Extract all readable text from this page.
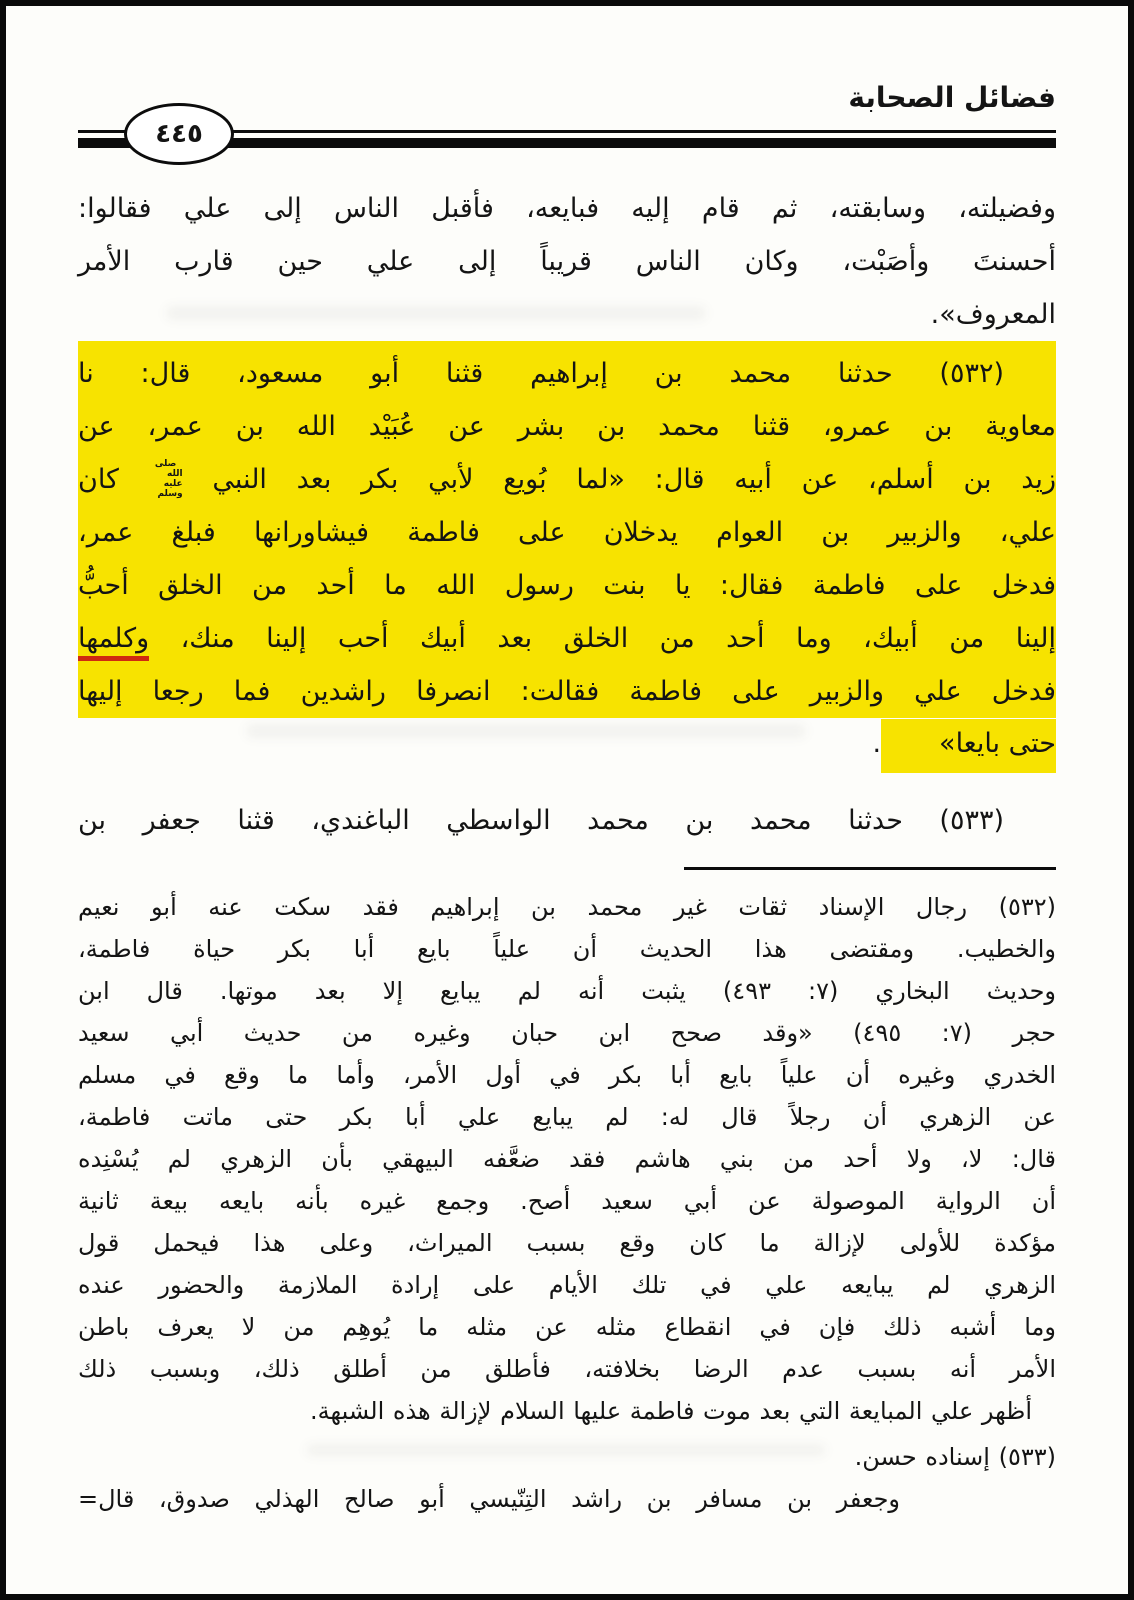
فضائل الصحابة
٤٤٥
وفضيلته، وسابقته، ثم قام إليه فبايعه، فأقبل الناس إلى علي فقالوا:
أحسنتَ وأصَبْت، وكان الناس قريباً إلى علي حين قارب الأمر
المعروف».
(٥٣٢) حدثنا محمد بن إبراهيم قثنا أبو مسعود، قال: نا
معاوية بن عمرو، قثنا محمد بن بشر عن عُبَيْد الله بن عمر، عن
زيد بن أسلم، عن أبيه قال: «لما بُويع لأبي بكر بعد النبي
صلى الله
عليه
وسلم
كان
علي، والزبير بن العوام يدخلان على فاطمة فيشاورانها فبلغ عمر،
فدخل على فاطمة فقال: يا بنت رسول الله ما أحد من الخلق أحبُّ
إلينا من أبيك، وما أحد من الخلق بعد أبيك أحب إلينا منك، وكلمها
فدخل علي والزبير على فاطمة فقالت: انصرفا راشدين فما رجعا إليها
حتى بايعا».
(٥٣٣) حدثنا محمد بن محمد الواسطي الباغندي، قثنا جعفر بن
(٥٣٢) رجال الإسناد ثقات غير محمد بن إبراهيم فقد سكت عنه أبو نعيم
والخطيب. ومقتضى هذا الحديث أن علياً بايع أبا بكر حياة فاطمة،
وحديث البخاري (٧: ٤٩٣) يثبت أنه لم يبايع إلا بعد موتها. قال ابن
حجر (٧: ٤٩٥) «وقد صحح ابن حبان وغيره من حديث أبي سعيد
الخدري وغيره أن علياً بايع أبا بكر في أول الأمر، وأما ما وقع في مسلم
عن الزهري أن رجلاً قال له: لم يبايع علي أبا بكر حتى ماتت فاطمة،
قال: لا، ولا أحد من بني هاشم فقد ضعَّفه البيهقي بأن الزهري لم يُسْنِده
أن الرواية الموصولة عن أبي سعيد أصح. وجمع غيره بأنه بايعه بيعة ثانية
مؤكدة للأولى لإزالة ما كان وقع بسبب الميراث، وعلى هذا فيحمل قول
الزهري لم يبايعه علي في تلك الأيام على إرادة الملازمة والحضور عنده
وما أشبه ذلك فإن في انقطاع مثله عن مثله ما يُوهِم من لا يعرف باطن
الأمر أنه بسبب عدم الرضا بخلافته، فأطلق من أطلق ذلك، وبسبب ذلك
أظهر علي المبايعة التي بعد موت فاطمة عليها السلام لإزالة هذه الشبهة.
(٥٣٣) إسناده حسن.
وجعفر بن مسافر بن راشد التِنّيسي أبو صالح الهذلي صدوق، قال=
